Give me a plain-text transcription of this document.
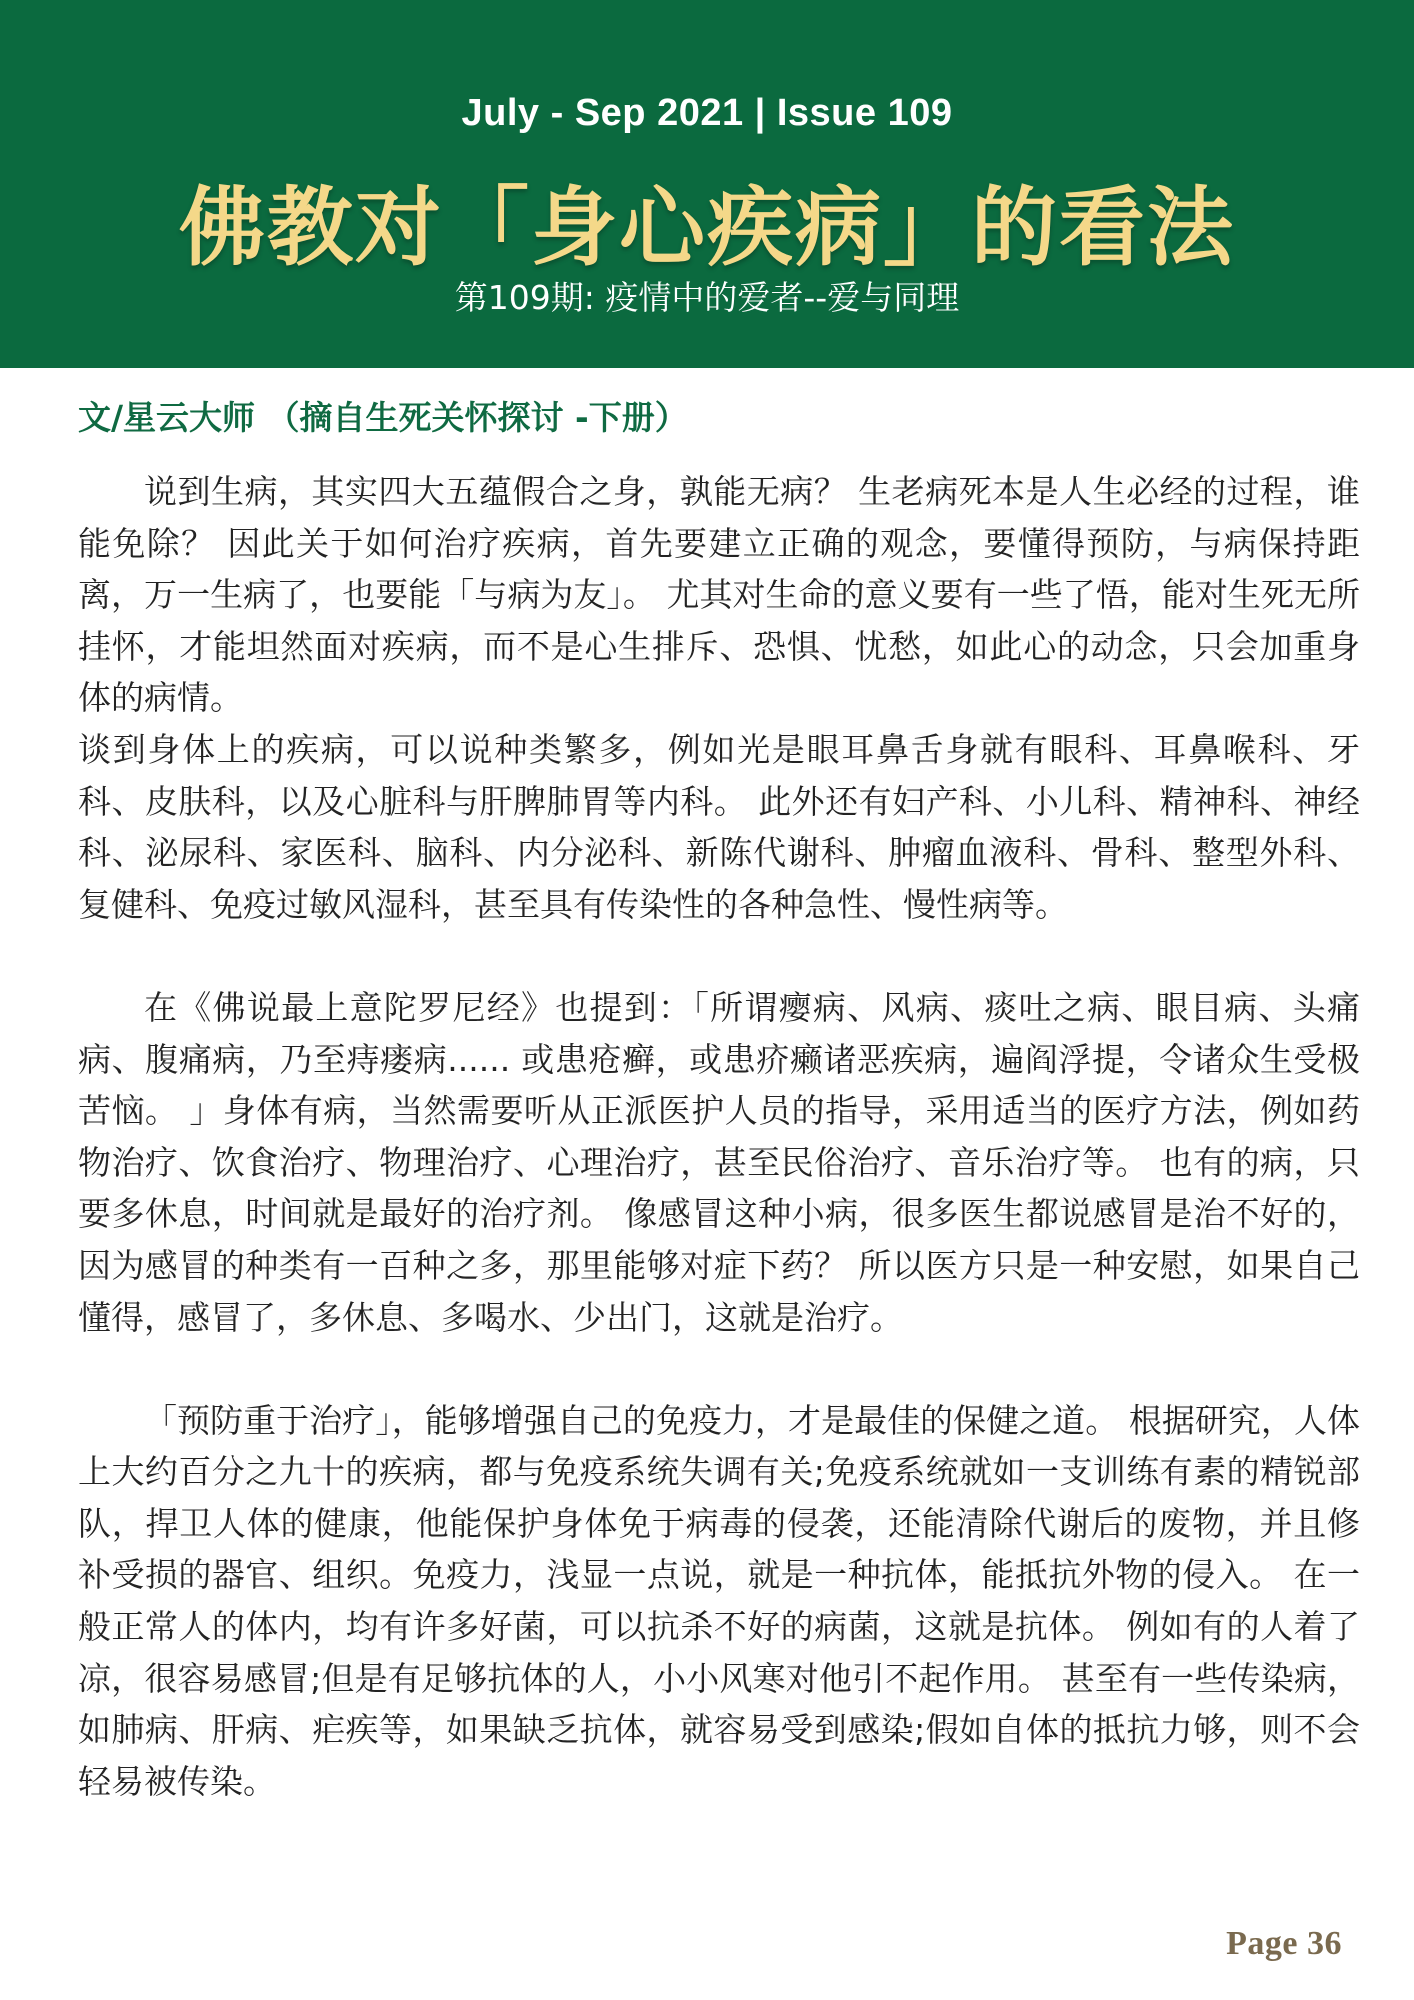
July - Sep 2021 | Issue 109
佛教对「身心疾病」的看法
第109期: 疫情中的爱者--爱与同理
文/星云大师 （摘自生死关怀探讨 -下册）

说到生病，其实四大五蕴假合之身，孰能无病？ 生老病死本是人生必经的过程，谁能免除？ 因此关于如何治疗疾病，首先要建立正确的观念，要懂得预防，与病保持距离，万一生病了，也要能「与病为友」。 尤其对生命的意义要有一些了悟，能对生死无所挂怀，才能坦然面对疾病，而不是心生排斥、恐惧、忧愁，如此心的动念，只会加重身体的病情。

谈到身体上的疾病，可以说种类繁多，例如光是眼耳鼻舌身就有眼科、耳鼻喉科、牙科、皮肤科，以及心脏科与肝脾肺胃等内科。 此外还有妇产科、小儿科、精神科、神经科、泌尿科、家医科、脑科、内分泌科、新陈代谢科、肿瘤血液科、骨科、整型外科、复健科、免疫过敏风湿科，甚至具有传染性的各种急性、慢性病等。

在《佛说最上意陀罗尼经》也提到：「所谓瘿病、风病、痰吐之病、眼目病、头痛病、腹痛病，乃至痔瘘病...... 或患疮癣，或患疥癞诸恶疾病，遍阎浮提，令诸众生受极苦恼。 」身体有病，当然需要听从正派医护人员的指导，采用适当的医疗方法，例如药物治疗、饮食治疗、物理治疗、心理治疗，甚至民俗治疗、音乐治疗等。 也有的病，只要多休息，时间就是最好的治疗剂。 像感冒这种小病，很多医生都说感冒是治不好的，因为感冒的种类有一百种之多，那里能够对症下药？ 所以医方只是一种安慰，如果自己懂得，感冒了，多休息、多喝水、少出门，这就是治疗。

「预防重于治疗」，能够增强自己的免疫力，才是最佳的保健之道。 根据研究，人体上大约百分之九十的疾病，都与免疫系统失调有关;免疫系统就如一支训练有素的精锐部队，捍卫人体的健康，他能保护身体免于病毒的侵袭，还能清除代谢后的废物，并且修补受损的器官、组织。免疫力，浅显一点说，就是一种抗体，能抵抗外物的侵入。 在一般正常人的体内，均有许多好菌，可以抗杀不好的病菌，这就是抗体。 例如有的人着了凉，很容易感冒;但是有足够抗体的人，小小风寒对他引不起作用。 甚至有一些传染病，如肺病、肝病、疟疾等，如果缺乏抗体，就容易受到感染;假如自体的抵抗力够，则不会轻易被传染。

Page 36
